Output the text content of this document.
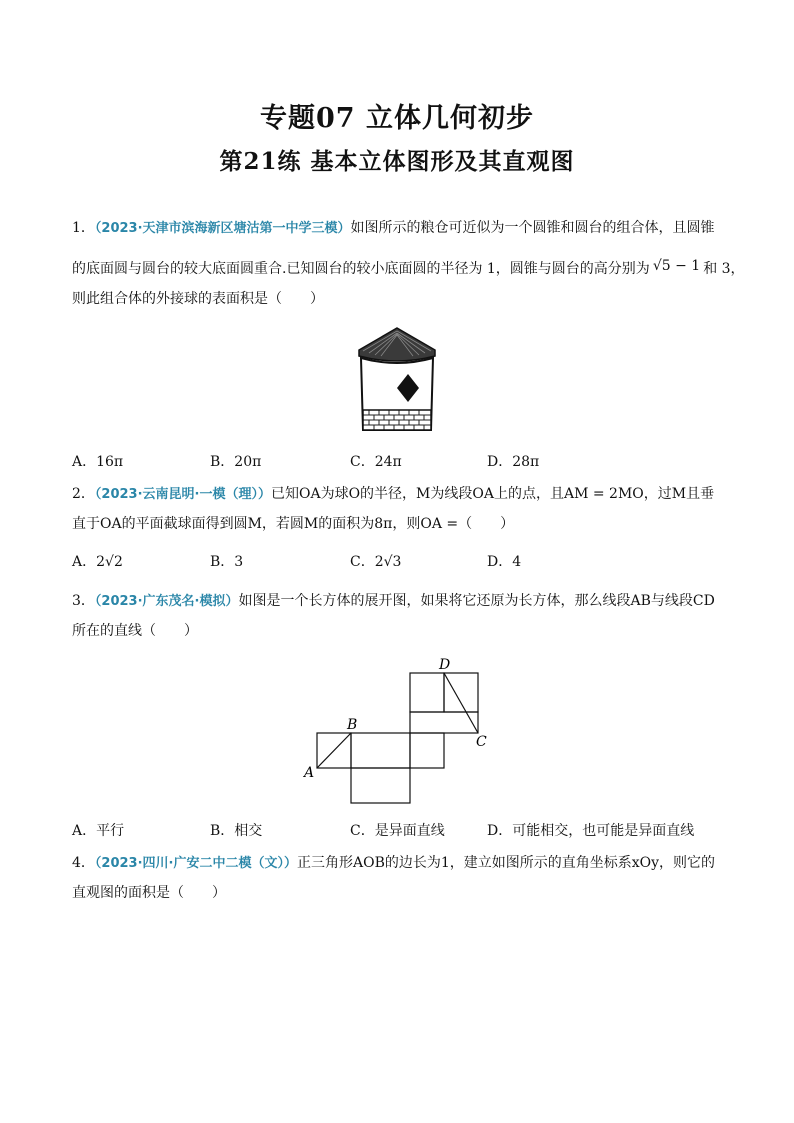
专题07 立体几何初步
第21练 基本立体图形及其直观图
1．（2023·天津市滨海新区塘沽第一中学三模）如图所示的粮仓可近似为一个圆锥和圆台的组合体，且圆锥
的底面圆与圆台的较大底面圆重合.已知圆台的较小底面圆的半径为 1，圆锥与圆台的高分别为 √5 − 1 和 3，
则此组合体的外接球的表面积是（　　）
A．16π	B．20π	C．24π	D．28π
2．（2023·云南昆明·一模（理））已知OA为球O的半径，M为线段OA上的点，且AM = 2MO，过M且垂
直于OA的平面截球面得到圆M，若圆M的面积为8π，则OA =（　　）
A．2√2	B．3	C．2√3	D．4
3．（2023·广东茂名·模拟）如图是一个长方体的展开图，如果将它还原为长方体，那么线段AB与线段CD
所在的直线（　　）
A
B
C
D
A．平行	B．相交	C．是异面直线	D．可能相交，也可能是异面直线
4．（2023·四川·广安二中二模（文））正三角形AOB的边长为1，建立如图所示的直角坐标系xOy，则它的
直观图的面积是（　　）
